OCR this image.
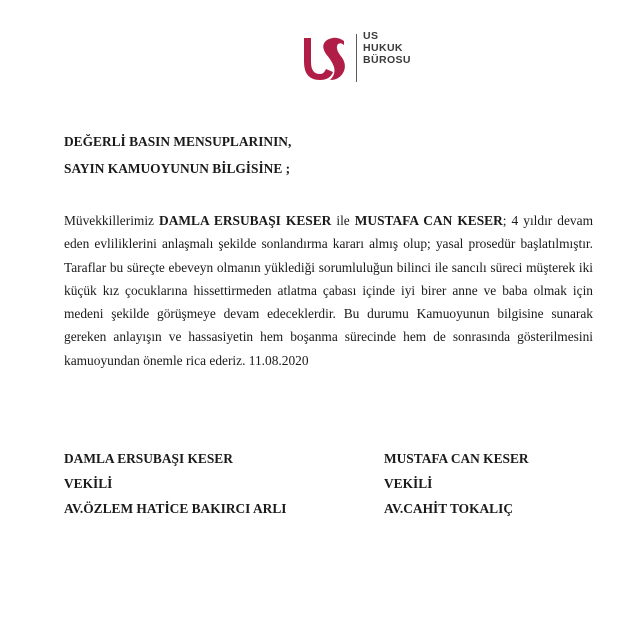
US
HUKUK
BÜROSU
DEĞERLİ BASIN MENSUPLARININ,
SAYIN KAMUOYUNUN BİLGİSİNE ;
Müvekkillerimiz DAMLA ERSUBAŞI KESER ile MUSTAFA CAN KESER; 4 yıldır devam eden evliliklerini anlaşmalı şekilde sonlandırma kararı almış olup; yasal prosedür başlatılmıştır. Taraflar bu süreçte ebeveyn olmanın yüklediği sorumluluğun bilinci ile sancılı süreci müşterek iki küçük kız çocuklarına hissettirmeden atlatma çabası içinde iyi birer anne ve baba olmak için medeni şekilde görüşmeye devam edeceklerdir. Bu durumu Kamuoyunun bilgisine sunarak gereken anlayışın ve hassasiyetin hem boşanma sürecinde hem de sonrasında gösterilmesini kamuoyundan önemle rica ederiz. 11.08.2020
DAMLA ERSUBAŞI KESER
VEKİLİ
AV.ÖZLEM HATİCE BAKIRCI ARLI
MUSTAFA CAN KESER
VEKİLİ
AV.CAHİT TOKALIÇ
